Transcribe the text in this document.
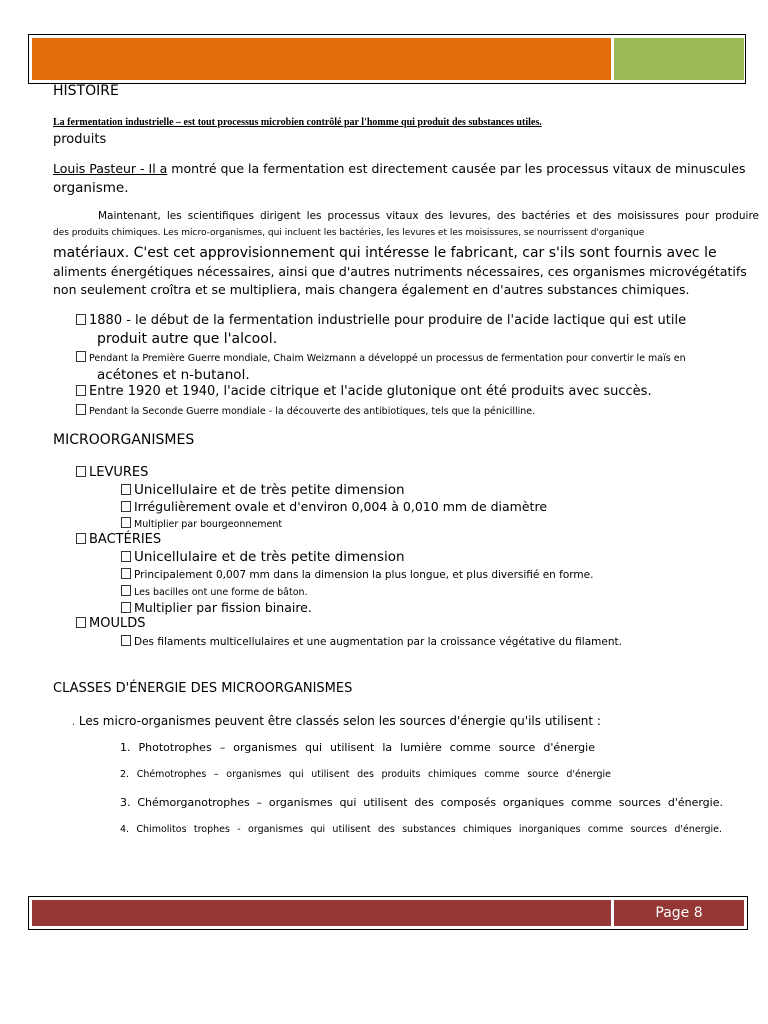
HISTOIRE
La fermentation industrielle – est tout processus microbien contrôlé par l'homme qui produit des substances utiles.
produits
Louis Pasteur - Il a montré que la fermentation est directement causée par les processus vitaux de minuscules
organisme.
Maintenant, les scientifiques dirigent les processus vitaux des levures, des bactéries et des moisissures pour produire
des produits chimiques. Les micro-organismes, qui incluent les bactéries, les levures et les moisissures, se nourrissent d'organique
matériaux. C'est cet approvisionnement qui intéresse le fabricant, car s'ils sont fournis avec le
aliments énergétiques nécessaires, ainsi que d'autres nutriments nécessaires, ces organismes microvégétatifs
non seulement croîtra et se multipliera, mais changera également en d'autres substances chimiques.
1880 - le début de la fermentation industrielle pour produire de l'acide lactique qui est utile
produit autre que l'alcool.
Pendant la Première Guerre mondiale, Chaim Weizmann a développé un processus de fermentation pour convertir le maïs en
acétones et n-butanol.
Entre 1920 et 1940, l'acide citrique et l'acide glutonique ont été produits avec succès.
Pendant la Seconde Guerre mondiale - la découverte des antibiotiques, tels que la pénicilline.
MICROORGANISMES
LEVURES
Unicellulaire et de très petite dimension
Irrégulièrement ovale et d'environ 0,004 à 0,010 mm de diamètre
Multiplier par bourgeonnement
BACTÉRIES
Unicellulaire et de très petite dimension
Principalement 0,007 mm dans la dimension la plus longue, et plus diversifié en forme.
Les bacilles ont une forme de bâton.
Multiplier par fission binaire.
MOULDS
Des filaments multicellulaires et une augmentation par la croissance végétative du filament.
CLASSES D'ÉNERGIE DES MICROORGANISMES
. Les micro-organismes peuvent être classés selon les sources d'énergie qu'ils utilisent :
1. Phototrophes – organismes qui utilisent la lumière comme source d'énergie
2. Chémotrophes – organismes qui utilisent des produits chimiques comme source d'énergie
3. Chémorganotrophes – organismes qui utilisent des composés organiques comme sources d'énergie.
4. Chimolitos trophes - organismes qui utilisent des substances chimiques inorganiques comme sources d'énergie.
Page 8
